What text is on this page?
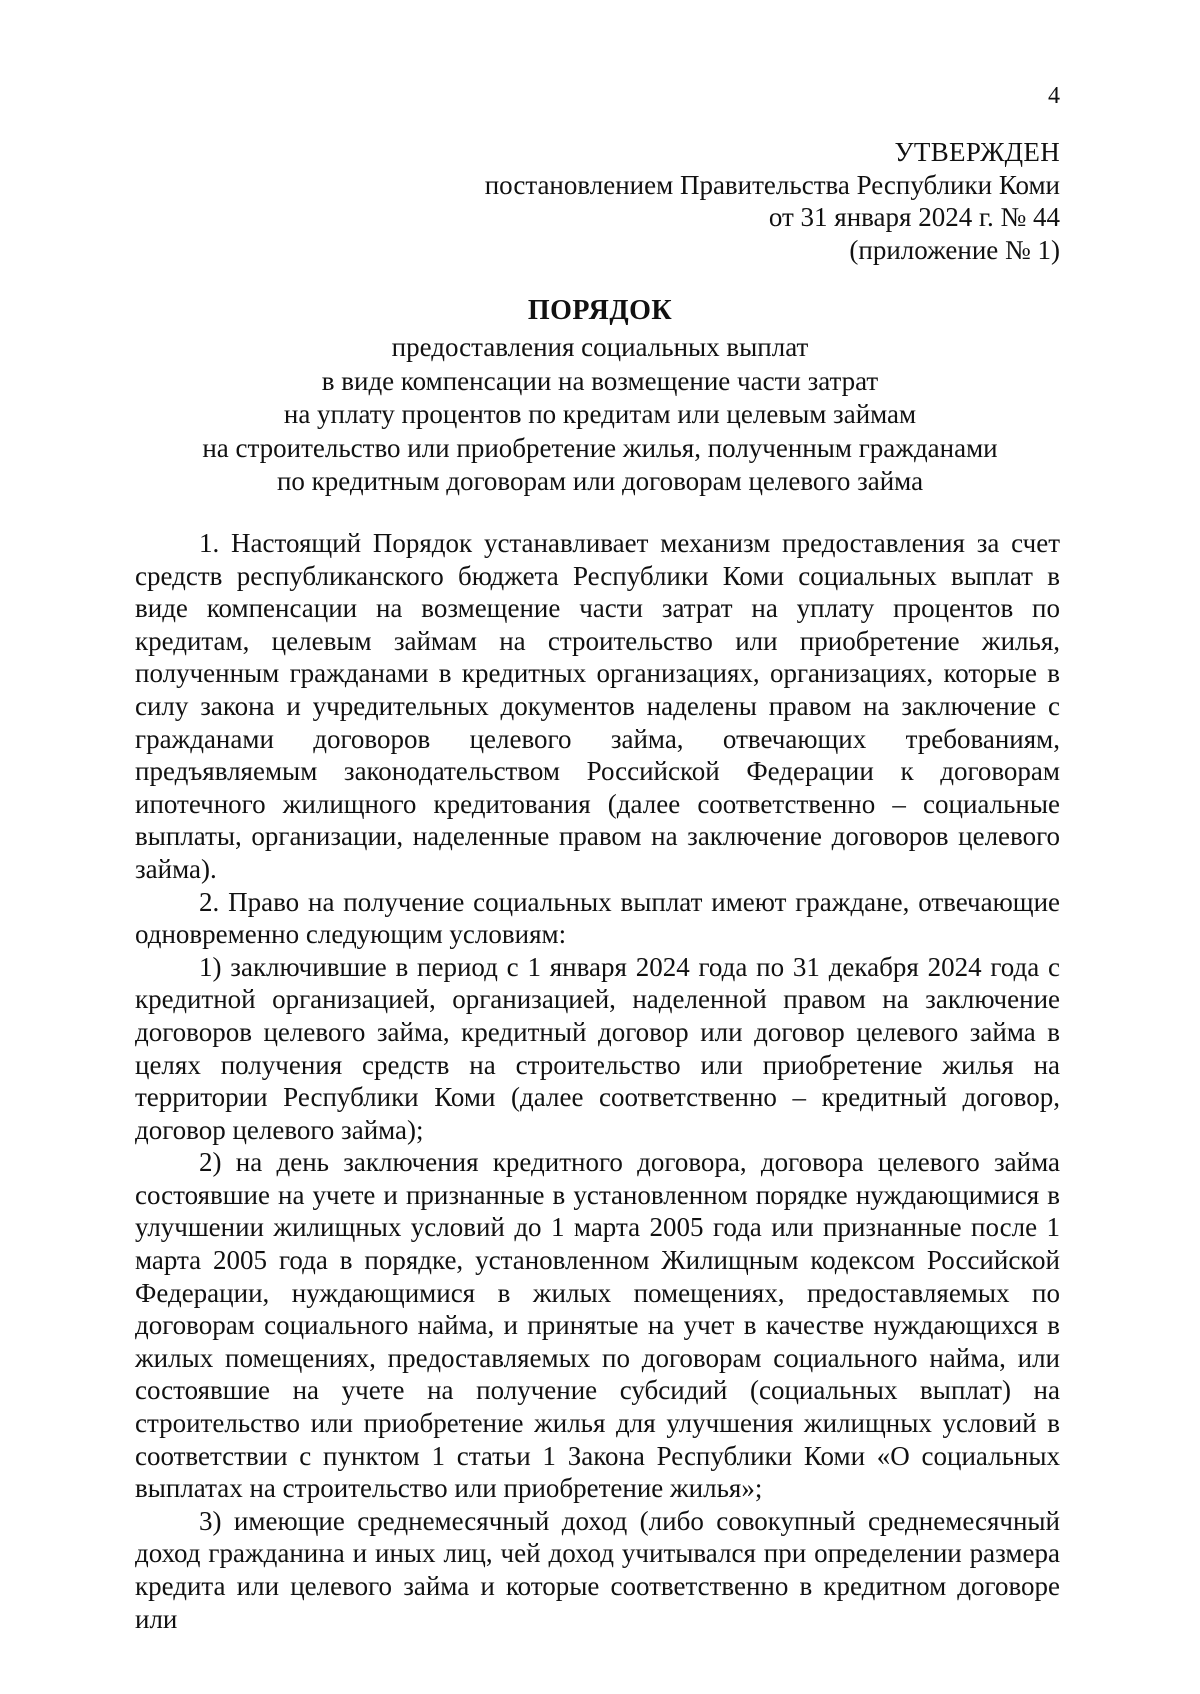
4
УТВЕРЖДЕН
постановлением Правительства Республики Коми
от 31 января 2024 г. № 44
(приложение № 1)
ПОРЯДОК
предоставления социальных выплат
в виде компенсации на возмещение части затрат
на уплату процентов по кредитам или целевым займам
на строительство или приобретение жилья, полученным гражданами
по кредитным договорам или договорам целевого займа

1. Настоящий Порядок устанавливает механизм предоставления за счет средств республиканского бюджета Республики Коми социальных выплат в виде компенсации на возмещение части затрат на уплату процентов по кредитам, целевым займам на строительство или приобретение жилья, полученным гражданами в кредитных организациях, организациях, которые в силу закона и учредительных документов наделены правом на заключение с гражданами договоров целевого займа, отвечающих требованиям, предъявляемым законодательством Российской Федерации к договорам ипотечного жилищного кредитования (далее соответственно – социальные выплаты, организации, наделенные правом на заключение договоров целевого займа).

2. Право на получение социальных выплат имеют граждане, отвечающие одновременно следующим условиям:

1) заключившие в период с 1 января 2024 года по 31 декабря 2024 года с кредитной организацией, организацией, наделенной правом на заключение договоров целевого займа, кредитный договор или договор целевого займа в целях получения средств на строительство или приобретение жилья на территории Республики Коми (далее соответственно – кредитный договор, договор целевого займа);

2) на день заключения кредитного договора, договора целевого займа состоявшие на учете и признанные в установленном порядке нуждающимися в улучшении жилищных условий до 1 марта 2005 года или признанные после 1 марта 2005 года в порядке, установленном Жилищным кодексом Российской Федерации, нуждающимися в жилых помещениях, предоставляемых по договорам социального найма, и принятые на учет в качестве нуждающихся в жилых помещениях, предоставляемых по договорам социального найма, или состоявшие на учете на получение субсидий (социальных выплат) на строительство или приобретение жилья для улучшения жилищных условий в соответствии с пунктом 1 статьи 1 Закона Республики Коми «О социальных выплатах на строительство или приобретение жилья»;

3) имеющие среднемесячный доход (либо совокупный среднемесячный доход гражданина и иных лиц, чей доход учитывался при определении размера кредита или целевого займа и которые соответственно в кредитном договоре или
